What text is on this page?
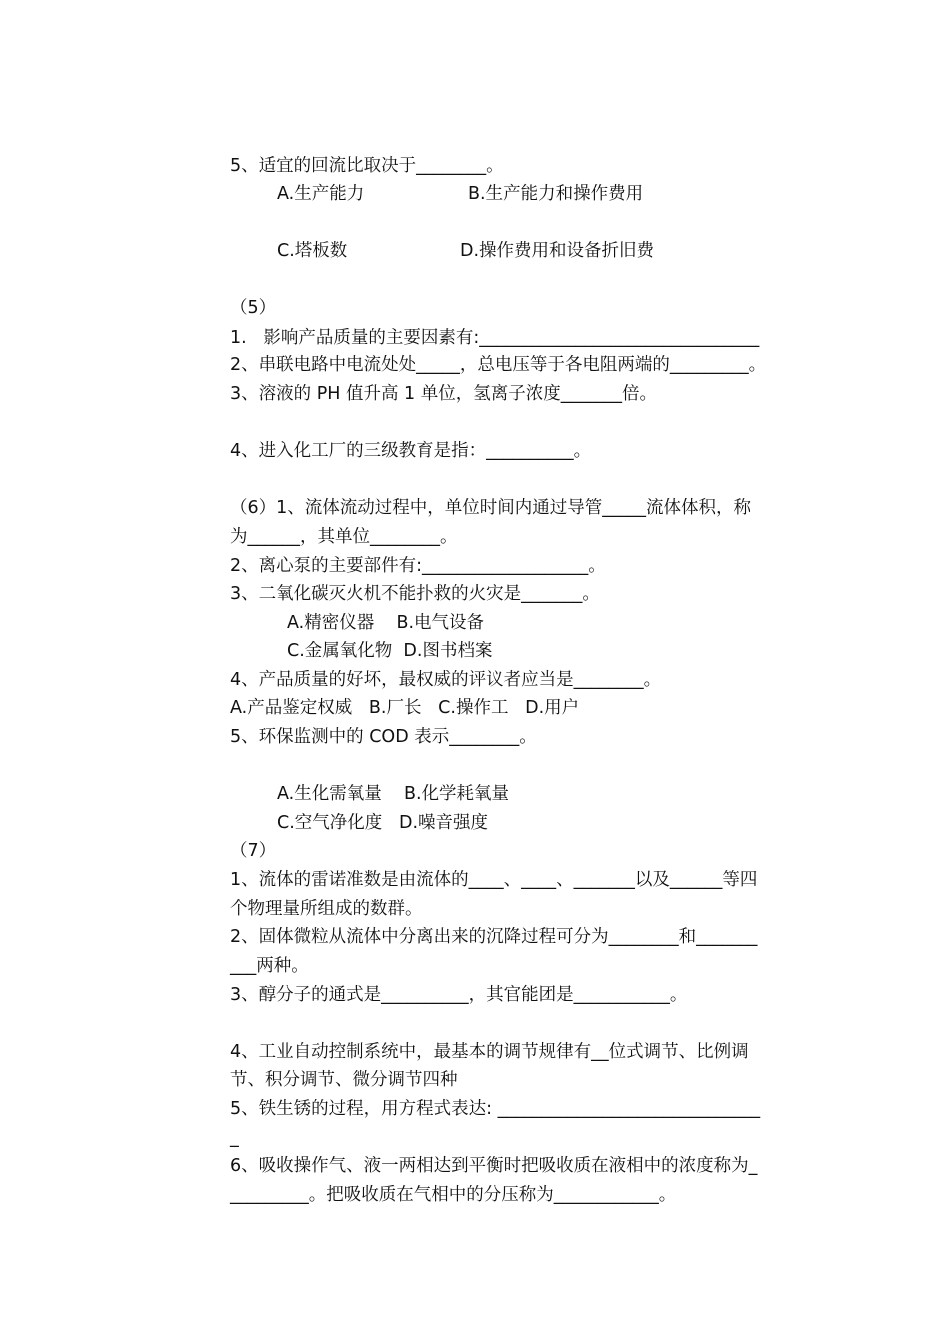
5、适宜的回流比取决于________。
A.生产能力	B.生产能力和操作费用
C.塔板数	D.操作费用和设备折旧费
（5）
1.   影响产品质量的主要因素有:________________________________
2、串联电路中电流处处_____，总电压等于各电阻两端的_________。
3、溶液的 PH 值升高 1 单位，氢离子浓度_______倍。
4、进入化工厂的三级教育是指：__________。
（6）1、流体流动过程中，单位时间内通过导管_____流体体积，称
为______，其单位________。
2、离心泵的主要部件有:___________________。
3、二氧化碳灭火机不能扑救的火灾是_______。
A.精密仪器    B.电气设备
C.金属氧化物  D.图书档案
4、产品质量的好坏，最权威的评议者应当是________。
A.产品鉴定权威   B.厂长   C.操作工   D.用户
5、环保监测中的 COD 表示________。
A.生化需氧量    B.化学耗氧量
C.空气净化度   D.噪音强度
（7）
1、流体的雷诺准数是由流体的____、____、_______以及______等四
个物理量所组成的数群。
2、固体微粒从流体中分离出来的沉降过程可分为________和_______
___两种。
3、醇分子的通式是__________，其官能团是___________。
4、工业自动控制系统中，最基本的调节规律有__位式调节、比例调
节、积分调节、微分调节四种
5、铁生锈的过程，用方程式表达: ______________________________
_
6、吸收操作气、液一两相达到平衡时把吸收质在液相中的浓度称为_
_________。把吸收质在气相中的分压称为____________。
